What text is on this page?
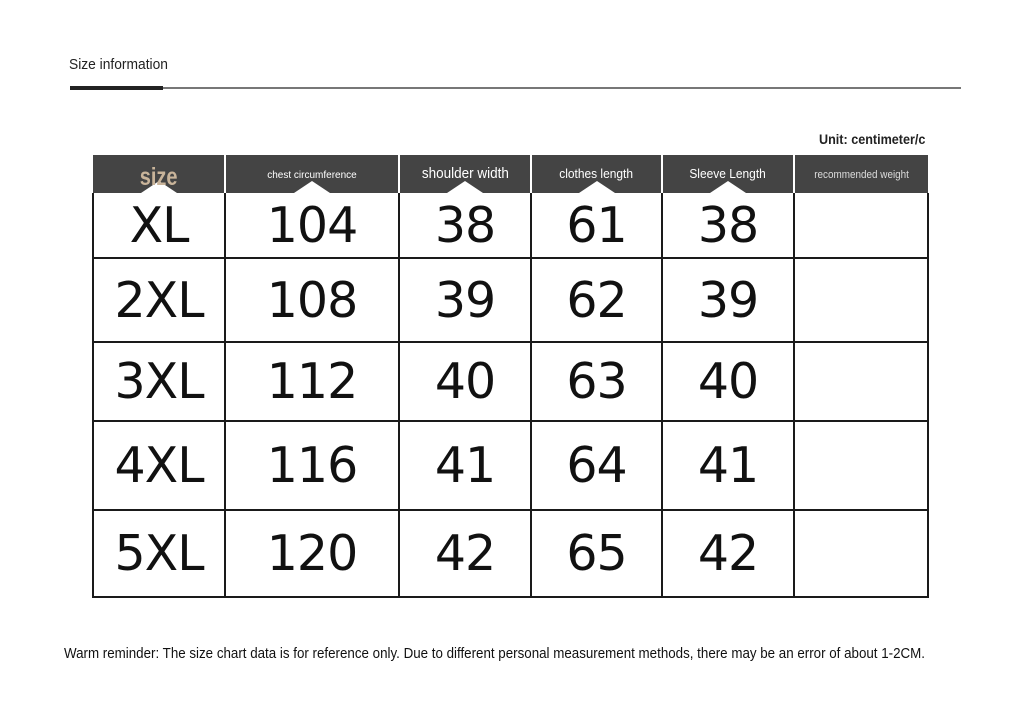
Size information
Unit: centimeter/c
size	chest circumference	shoulder width	clothes length	Sleeve Length	recommended weight
XL	104	38	61	38	
2XL	108	39	62	39	
3XL	112	40	63	40	
4XL	116	41	64	41	
5XL	120	42	65	42	
Warm reminder: The size chart data is for reference only. Due to different personal measurement methods, there may be an error of about 1-2CM.
